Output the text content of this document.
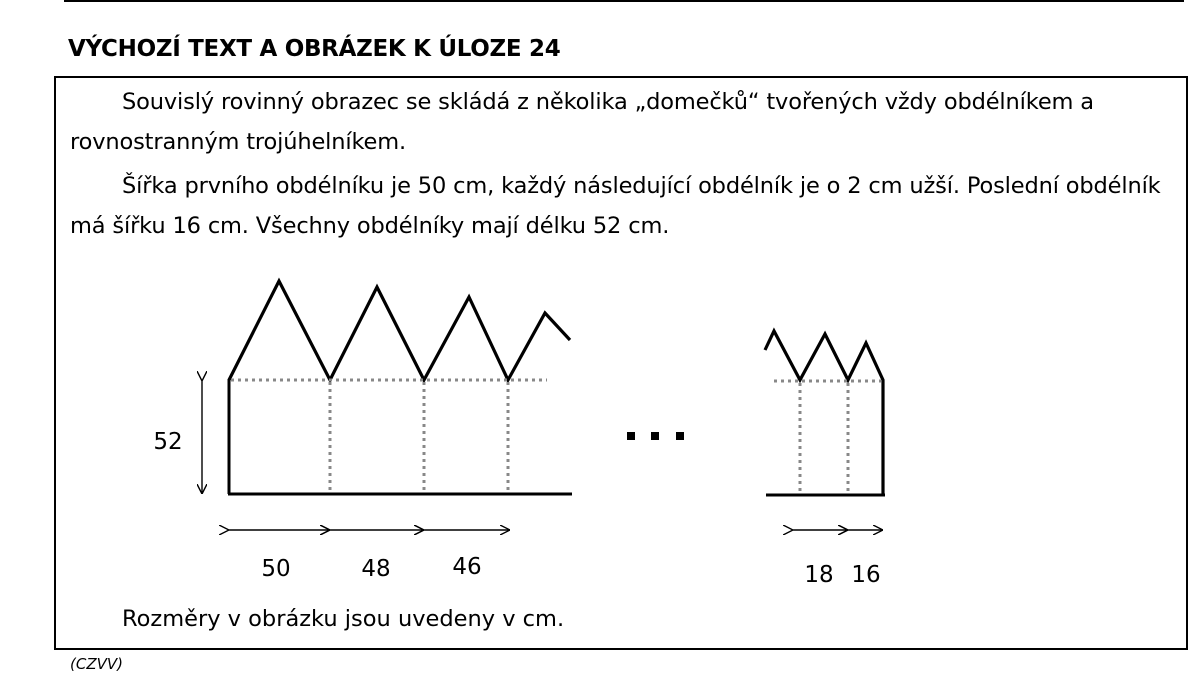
VÝCHOZÍ TEXT A OBRÁZEK K ÚLOZE 24

Souvislý rovinný obrazec se skládá z několika „domečků“ tvořených vždy obdélníkem a rovnostranným trojúhelníkem.

Šířka prvního obdélníku je 50 cm, každý následující obdélník je o 2 cm užší. Poslední obdélník má šířku 16 cm. Všechny obdélníky mají délku 52 cm.

Rozměry v obrázku jsou uvedeny v cm.
52
50	48	46	18 16
(CZVV)
